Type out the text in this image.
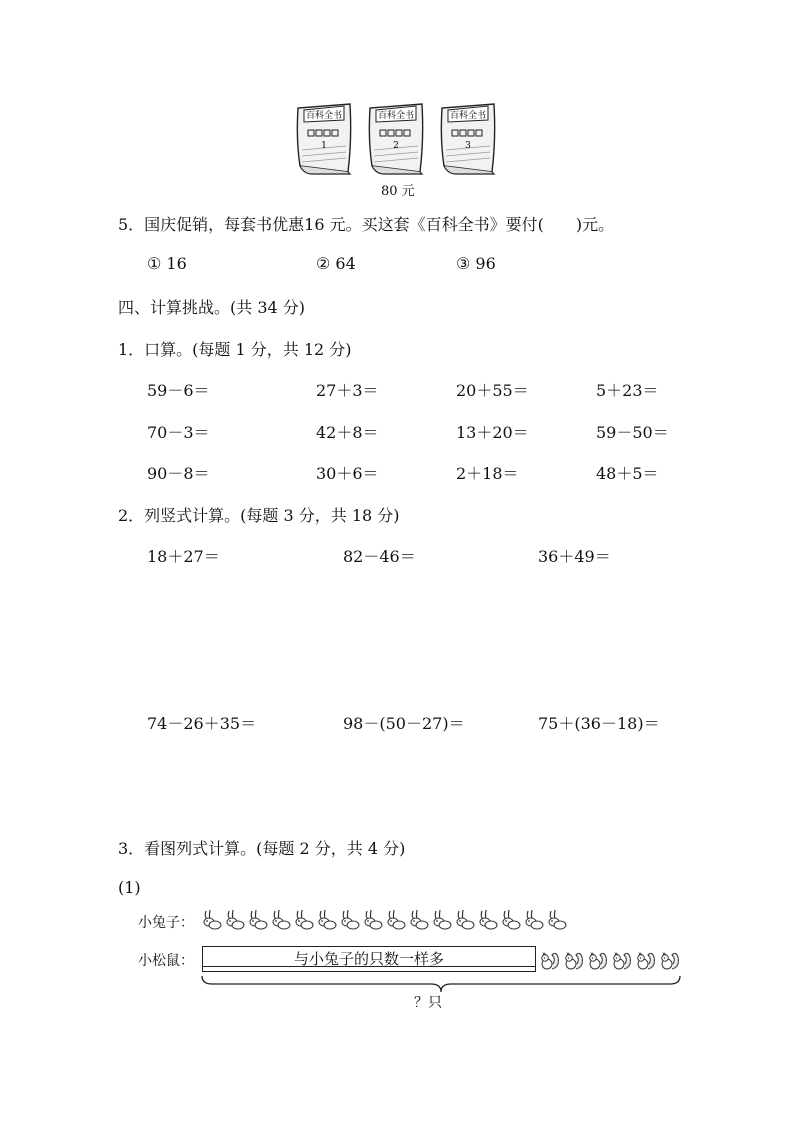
百科全书
1
百科全书
2
百科全书
3
80 元
5．国庆促销，每套书优惠16 元。买这套《百科全书》要付(　　)元。
① 16	② 64	③ 96
四、计算挑战。(共 34 分)
1．口算。(每题 1 分，共 12 分)
59－6＝	27＋3＝	20＋55＝	5＋23＝
70－3＝	42＋8＝	13＋20＝	59－50＝
90－8＝	30＋6＝	2＋18＝	48＋5＝
2．列竖式计算。(每题 3 分，共 18 分)
18＋27＝	82－46＝	36＋49＝
74－26＋35＝	98－(50－27)＝	75＋(36－18)＝
3．看图列式计算。(每题 2 分，共 4 分)
(1)
小兔子：
小松鼠：	与小兔子的只数一样多
？只
